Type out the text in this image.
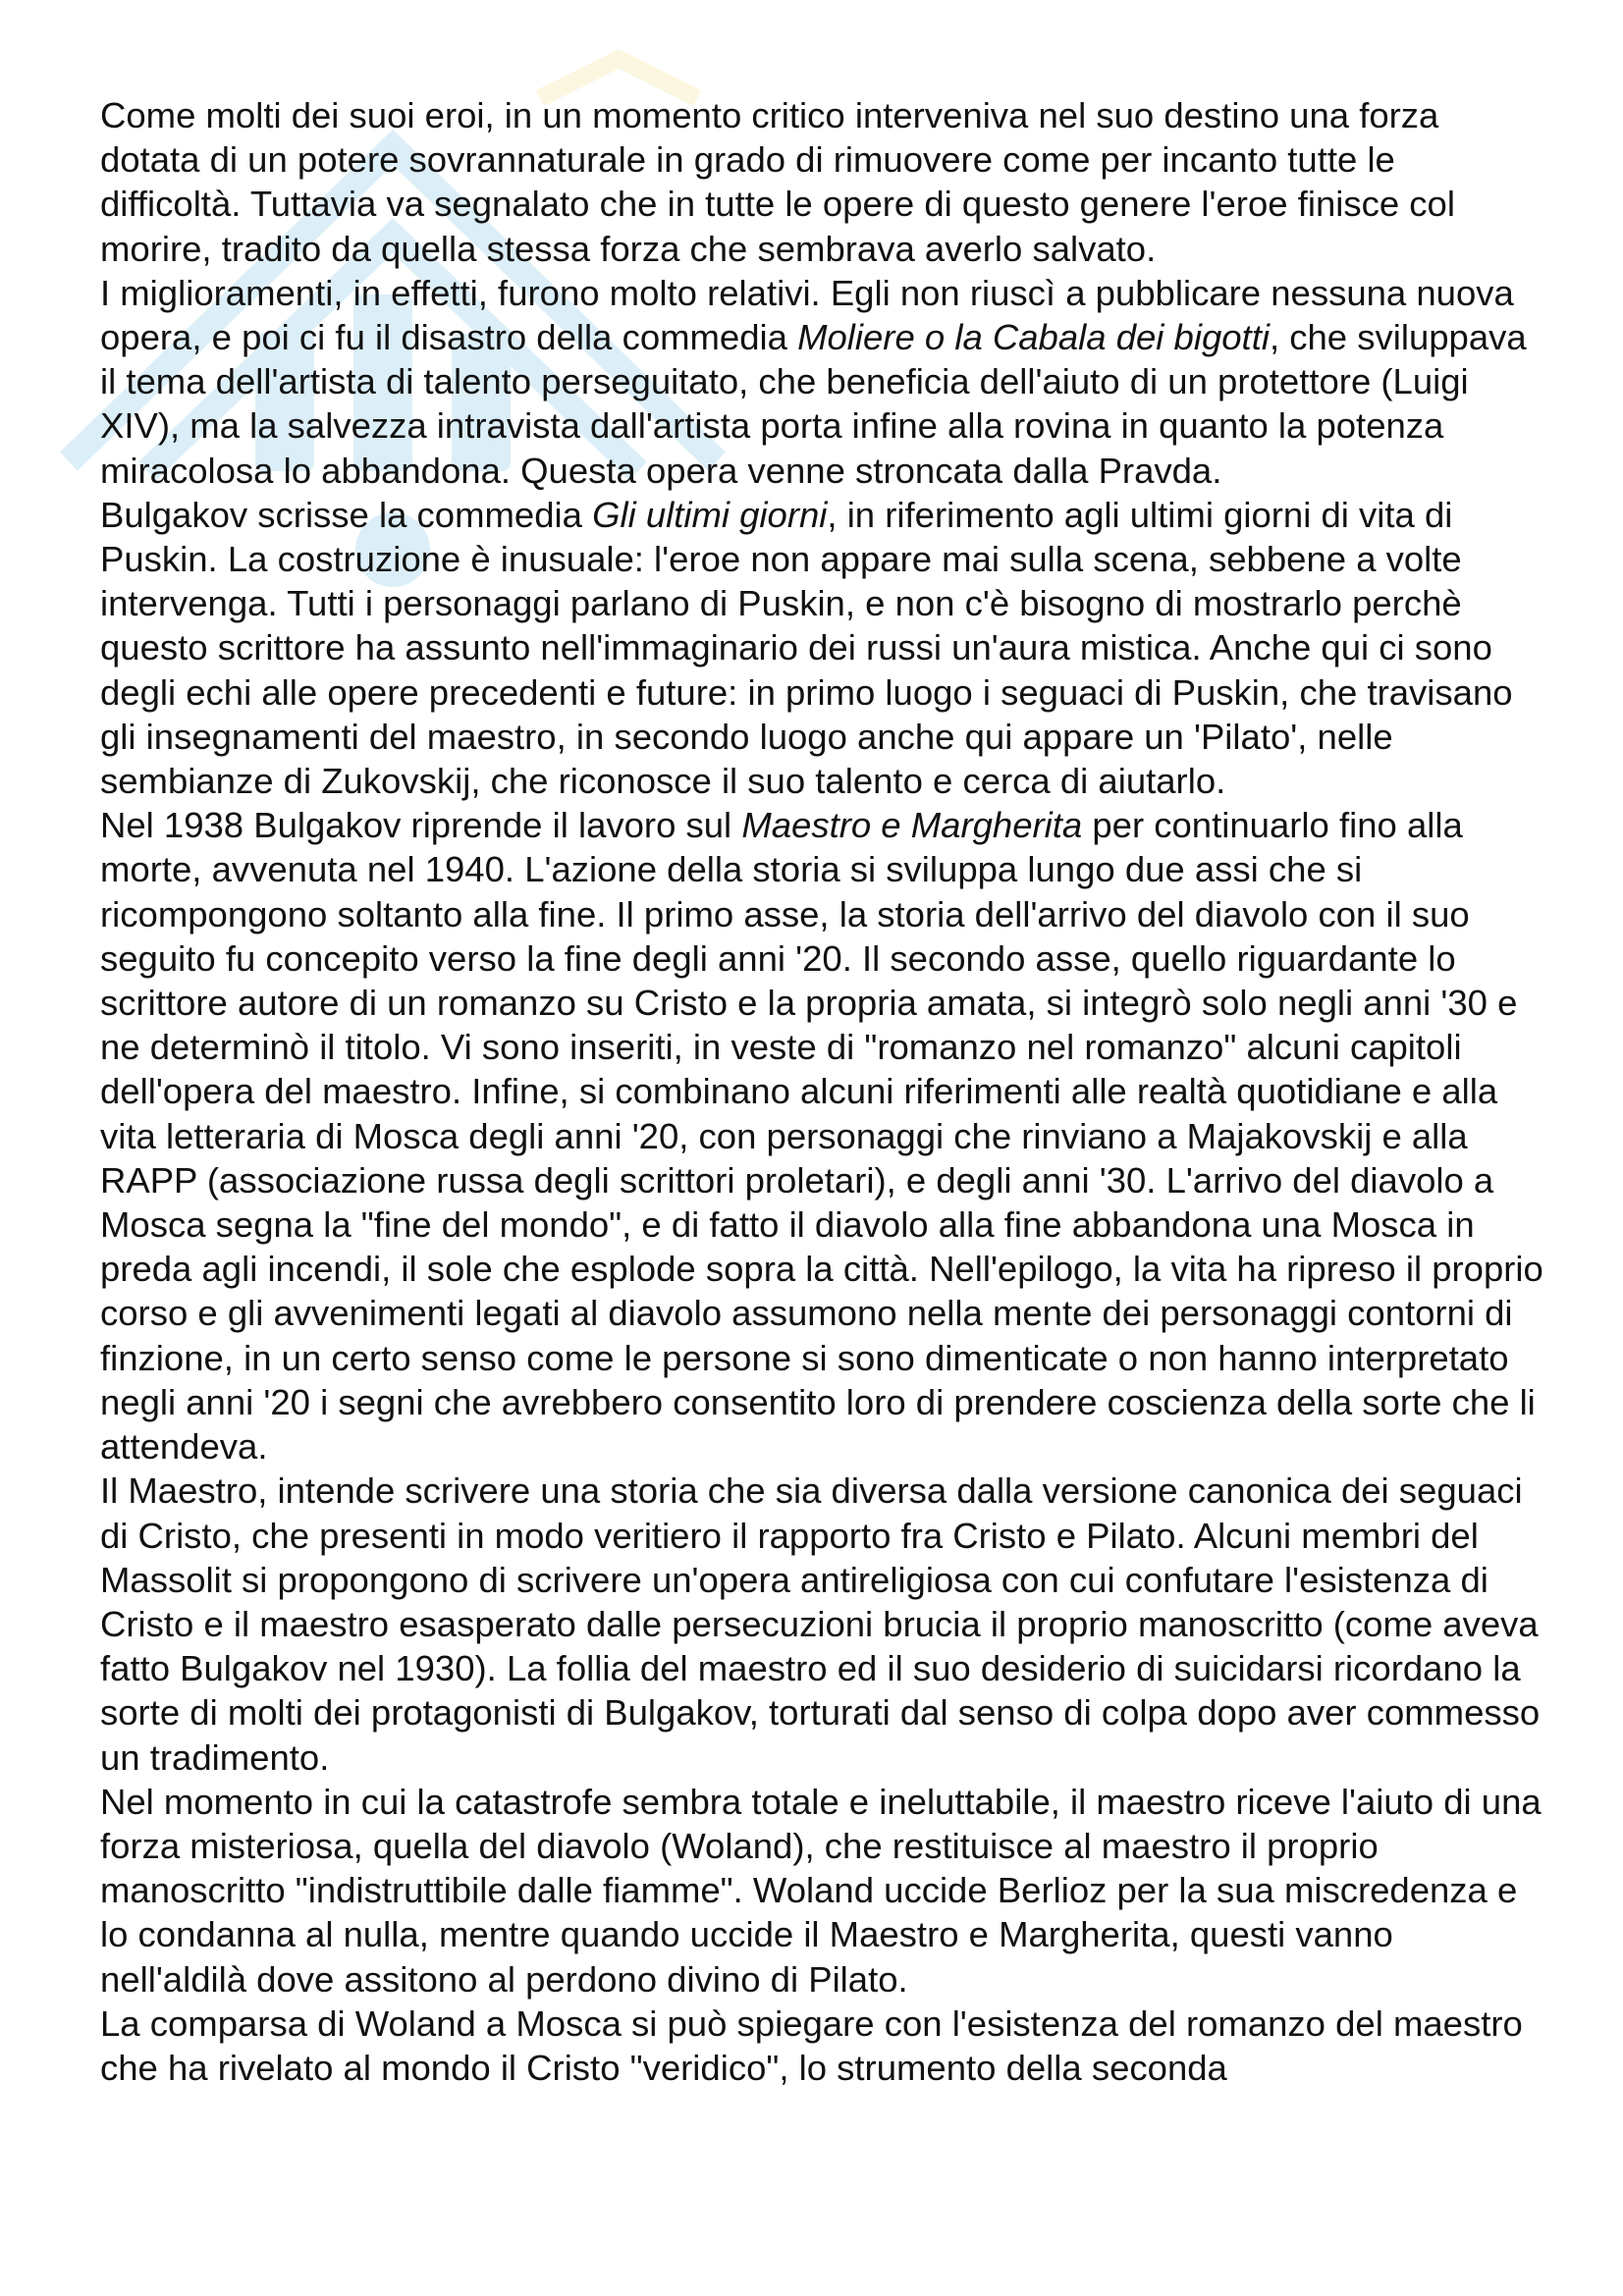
Come molti dei suoi eroi, in un momento critico interveniva nel suo destino una forza dotata di un potere sovrannaturale in grado di rimuovere come per incanto tutte le difficoltà. Tuttavia va segnalato che in tutte le opere di questo genere l'eroe finisce col morire, tradito da quella stessa forza che sembrava averlo salvato.

I miglioramenti, in effetti, furono molto relativi. Egli non riuscì a pubblicare nessuna nuova opera, e poi ci fu il disastro della commedia Moliere o la Cabala dei bigotti, che sviluppava il tema dell'artista di talento perseguitato, che beneficia dell'aiuto di un protettore (Luigi XIV), ma la salvezza intravista dall'artista porta infine alla rovina in quanto la potenza miracolosa lo abbandona. Questa opera venne stroncata dalla Pravda.

Bulgakov scrisse la commedia Gli ultimi giorni, in riferimento agli ultimi giorni di vita di Puskin. La costruzione è inusuale: l'eroe non appare mai sulla scena, sebbene a volte intervenga. Tutti i personaggi parlano di Puskin, e non c'è bisogno di mostrarlo perchè questo scrittore ha assunto nell'immaginario dei russi un'aura mistica. Anche qui ci sono degli echi alle opere precedenti e future: in primo luogo i seguaci di Puskin, che travisano gli insegnamenti del maestro, in secondo luogo anche qui appare un 'Pilato', nelle sembianze di Zukovskij, che riconosce il suo talento e cerca di aiutarlo.

Nel 1938 Bulgakov riprende il lavoro sul Maestro e Margherita per continuarlo fino alla morte, avvenuta nel 1940. L'azione della storia si sviluppa lungo due assi che si ricompongono soltanto alla fine. Il primo asse, la storia dell'arrivo del diavolo con il suo seguito fu concepito verso la fine degli anni '20. Il secondo asse, quello riguardante lo scrittore autore di un romanzo su Cristo e la propria amata, si integrò solo negli anni '30 e ne determinò il titolo. Vi sono inseriti, in veste di "romanzo nel romanzo" alcuni capitoli dell'opera del maestro. Infine, si combinano alcuni riferimenti alle realtà quotidiane e alla vita letteraria di Mosca degli anni '20, con personaggi che rinviano a Majakovskij e alla RAPP (associazione russa degli scrittori proletari), e degli anni '30. L'arrivo del diavolo a Mosca segna la "fine del mondo", e di fatto il diavolo alla fine abbandona una Mosca in preda agli incendi, il sole che esplode sopra la città. Nell'epilogo, la vita ha ripreso il proprio corso e gli avvenimenti legati al diavolo assumono nella mente dei personaggi contorni di finzione, in un certo senso come le persone si sono dimenticate o non hanno interpretato negli anni '20 i segni che avrebbero consentito loro di prendere coscienza della sorte che li attendeva.

Il Maestro, intende scrivere una storia che sia diversa dalla versione canonica dei seguaci di Cristo, che presenti in modo veritiero il rapporto fra Cristo e Pilato. Alcuni membri del Massolit si propongono di scrivere un'opera antireligiosa con cui confutare l'esistenza di Cristo e il maestro esasperato dalle persecuzioni brucia il proprio manoscritto (come aveva fatto Bulgakov nel 1930). La follia del maestro ed il suo desiderio di suicidarsi ricordano la sorte di molti dei protagonisti di Bulgakov, torturati dal senso di colpa dopo aver commesso un tradimento.

Nel momento in cui la catastrofe sembra totale e ineluttabile, il maestro riceve l'aiuto di una forza misteriosa, quella del diavolo (Woland), che restituisce al maestro il proprio manoscritto "indistruttibile dalle fiamme". Woland uccide Berlioz per la sua miscredenza e lo condanna al nulla, mentre quando uccide il Maestro e Margherita, questi vanno nell'aldilà dove assitono al perdono divino di Pilato.

La comparsa di Woland a Mosca si può spiegare con l'esistenza del romanzo del maestro che ha rivelato al mondo il Cristo "veridico", lo strumento della seconda
